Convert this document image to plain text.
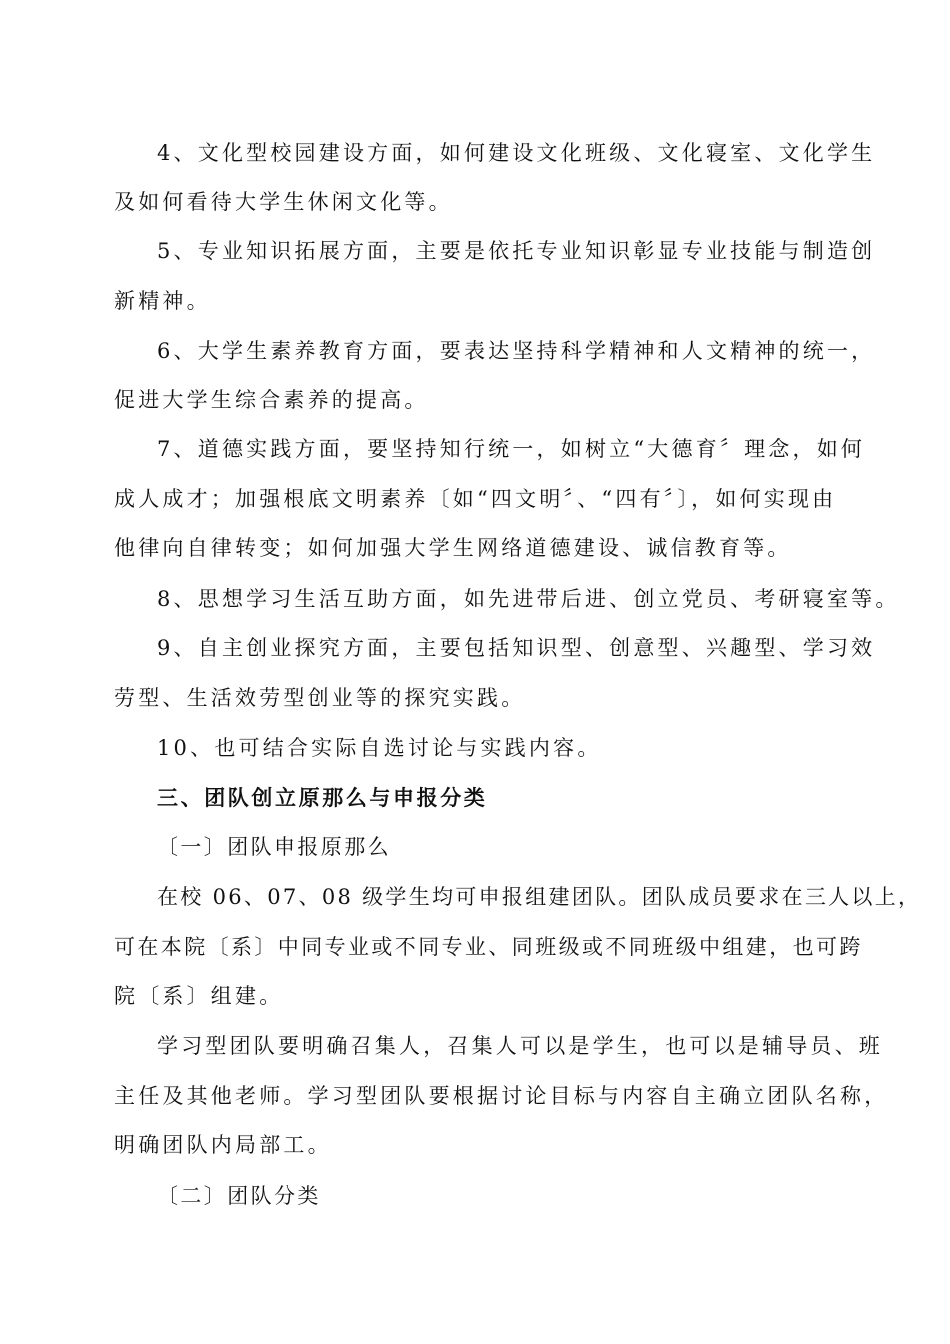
4、文化型校园建设方面，如何建设文化班级、文化寝室、文化学生
及如何看待大学生休闲文化等。
5、专业知识拓展方面，主要是依托专业知识彰显专业技能与制造创
新精神。
6、大学生素养教育方面，要表达坚持科学精神和人文精神的统一，
促进大学生综合素养的提高。
7、道德实践方面，要坚持知行统一，如树立“大德育〞理念，如何
成人成才；加强根底文明素养〔如“四文明〞、“四有〞〕，如何实现由
他律向自律转变；如何加强大学生网络道德建设、诚信教育等。
8、思想学习生活互助方面，如先进带后进、创立党员、考研寝室等。
9、自主创业探究方面，主要包括知识型、创意型、兴趣型、学习效
劳型、生活效劳型创业等的探究实践。
10、也可结合实际自选讨论与实践内容。
三、团队创立原那么与申报分类
〔一〕团队申报原那么
在校 06、07、08 级学生均可申报组建团队。团队成员要求在三人以上，
可在本院〔系〕中同专业或不同专业、同班级或不同班级中组建，也可跨
院〔系〕组建。
学习型团队要明确召集人，召集人可以是学生，也可以是辅导员、班
主任及其他老师。学习型团队要根据讨论目标与内容自主确立团队名称，
明确团队内局部工。
〔二〕团队分类
